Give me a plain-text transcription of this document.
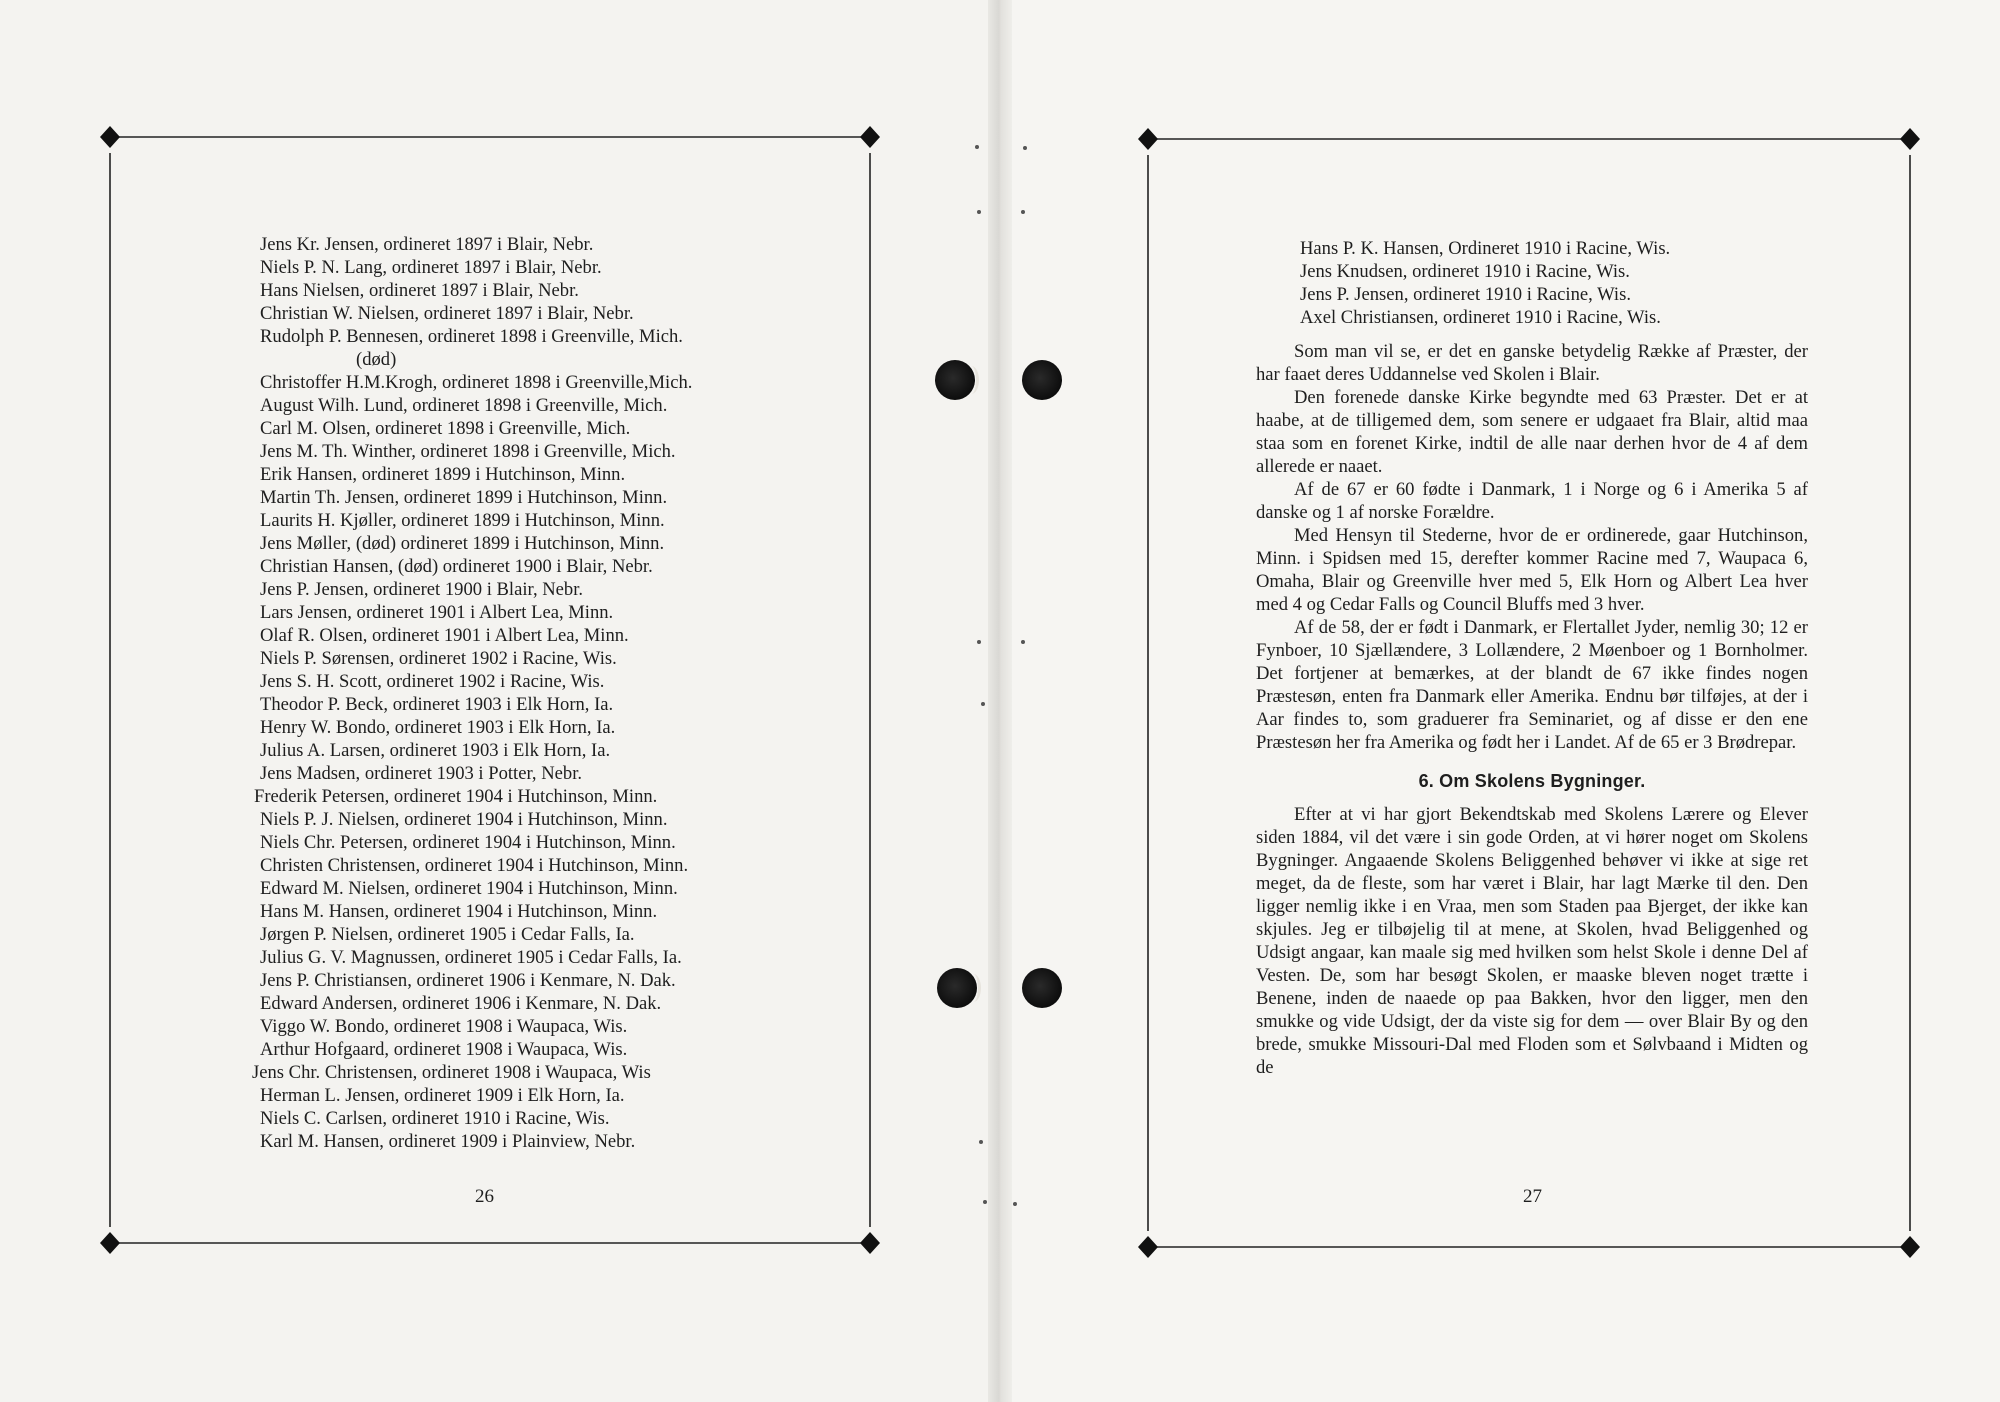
Jens Kr. Jensen, ordineret 1897 i Blair, Nebr.
Niels P. N. Lang, ordineret 1897 i Blair, Nebr.
Hans Nielsen, ordineret 1897 i Blair, Nebr.
Christian W. Nielsen, ordineret 1897 i Blair, Nebr.
Rudolph P. Bennesen, ordineret 1898 i Greenville, Mich.
(død)
Christoffer H.M.Krogh, ordineret 1898 i Greenville,Mich.
August Wilh. Lund, ordineret 1898 i Greenville, Mich.
Carl M. Olsen, ordineret 1898 i Greenville, Mich.
Jens M. Th. Winther, ordineret 1898 i Greenville, Mich.
Erik Hansen, ordineret 1899 i Hutchinson, Minn.
Martin Th. Jensen, ordineret 1899 i Hutchinson, Minn.
Laurits H. Kjøller, ordineret 1899 i Hutchinson, Minn.
Jens Møller, (død) ordineret 1899 i Hutchinson, Minn.
Christian Hansen, (død) ordineret 1900 i Blair, Nebr.
Jens P. Jensen, ordineret 1900 i Blair, Nebr.
Lars Jensen, ordineret 1901 i Albert Lea, Minn.
Olaf R. Olsen, ordineret 1901 i Albert Lea, Minn.
Niels P. Sørensen, ordineret 1902 i Racine, Wis.
Jens S. H. Scott, ordineret 1902 i Racine, Wis.
Theodor P. Beck, ordineret 1903 i Elk Horn, Ia.
Henry W. Bondo, ordineret 1903 i Elk Horn, Ia.
Julius A. Larsen, ordineret 1903 i Elk Horn, Ia.
Jens Madsen, ordineret 1903 i Potter, Nebr.
Frederik Petersen, ordineret 1904 i Hutchinson, Minn.
Niels P. J. Nielsen, ordineret 1904 i Hutchinson, Minn.
Niels Chr. Petersen, ordineret 1904 i Hutchinson, Minn.
Christen Christensen, ordineret 1904 i Hutchinson, Minn.
Edward M. Nielsen, ordineret 1904 i Hutchinson, Minn.
Hans M. Hansen, ordineret 1904 i Hutchinson, Minn.
Jørgen P. Nielsen, ordineret 1905 i Cedar Falls, Ia.
Julius G. V. Magnussen, ordineret 1905 i Cedar Falls, Ia.
Jens P. Christiansen, ordineret 1906 i Kenmare, N. Dak.
Edward Andersen, ordineret 1906 i Kenmare, N. Dak.
Viggo W. Bondo, ordineret 1908 i Waupaca, Wis.
Arthur Hofgaard, ordineret 1908 i Waupaca, Wis.
Jens Chr. Christensen, ordineret 1908 i Waupaca, Wis
Herman L. Jensen, ordineret 1909 i Elk Horn, Ia.
Niels C. Carlsen, ordineret 1910 i Racine, Wis.
Karl M. Hansen, ordineret 1909 i Plainview, Nebr.
26
Hans P. K. Hansen, Ordineret 1910 i Racine, Wis.
Jens Knudsen, ordineret 1910 i Racine, Wis.
Jens P. Jensen, ordineret 1910 i Racine, Wis.
Axel Christiansen, ordineret 1910 i Racine, Wis.

Som man vil se, er det en ganske betydelig Række af Præster, der har faaet deres Uddannelse ved Skolen i Blair.

Den forenede danske Kirke begyndte med 63 Præster. Det er at haabe, at de tilligemed dem, som senere er udgaaet fra Blair, altid maa staa som en forenet Kirke, indtil de alle naar derhen hvor de 4 af dem allerede er naaet.

Af de 67 er 60 fødte i Danmark, 1 i Norge og 6 i Amerika 5 af danske og 1 af norske Forældre.

Med Hensyn til Stederne, hvor de er ordinerede, gaar Hutchinson, Minn. i Spidsen med 15, derefter kommer Racine med 7, Waupaca 6, Omaha, Blair og Greenville hver med 5, Elk Horn og Albert Lea hver med 4 og Cedar Falls og Council Bluffs med 3 hver.

Af de 58, der er født i Danmark, er Flertallet Jyder, nemlig 30; 12 er Fynboer, 10 Sjællændere, 3 Lollændere, 2 Møenboer og 1 Bornholmer. Det fortjener at bemærkes, at der blandt de 67 ikke findes nogen Præstesøn, enten fra Danmark eller Amerika. Endnu bør tilføjes, at der i Aar findes to, som graduerer fra Seminariet, og af disse er den ene Præstesøn her fra Amerika og født her i Landet. Af de 65 er 3 Brødrepar.

6. Om Skolens Bygninger.

Efter at vi har gjort Bekendtskab med Skolens Lærere og Elever siden 1884, vil det være i sin gode Orden, at vi hører noget om Skolens Bygninger. Angaaende Skolens Beliggenhed behøver vi ikke at sige ret meget, da de fleste, som har været i Blair, har lagt Mærke til den. Den ligger nemlig ikke i en Vraa, men som Staden paa Bjerget, der ikke kan skjules. Jeg er tilbøjelig til at mene, at Skolen, hvad Beliggenhed og Udsigt angaar, kan maale sig med hvilken som helst Skole i denne Del af Vesten. De, som har besøgt Skolen, er maaske bleven noget trætte i Benene, inden de naaede op paa Bakken, hvor den ligger, men den smukke og vide Udsigt, der da viste sig for dem — over Blair By og den brede, smukke Missouri-Dal med Floden som et Sølvbaand i Midten og de

27
